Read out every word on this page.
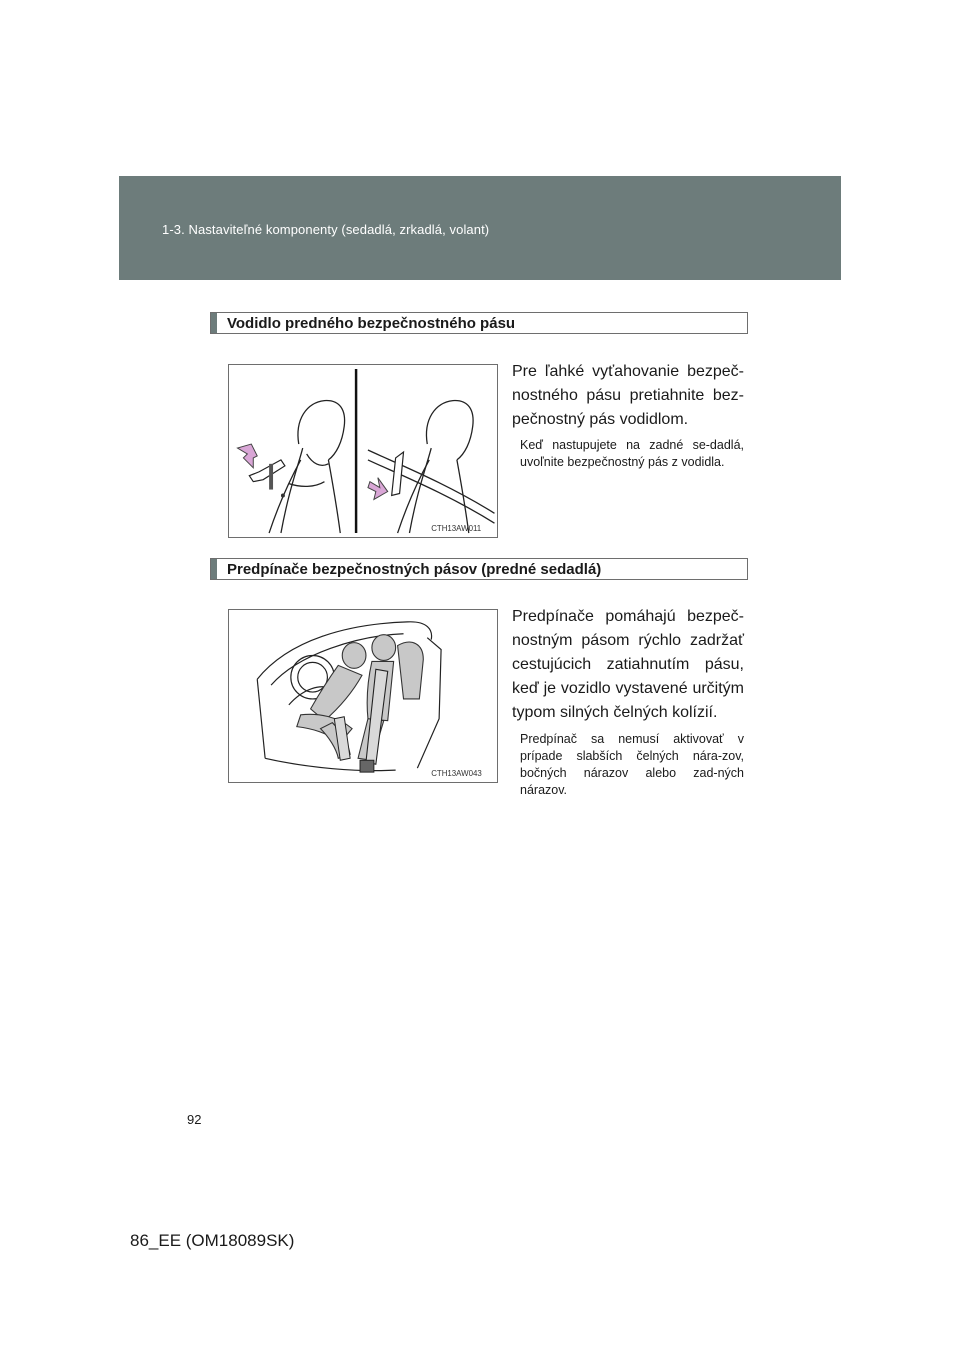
1-3. Nastaviteľné komponenty (sedadlá, zrkadlá, volant)
Vodidlo predného bezpečnostného pásu
CTH13AW011
Pre ľahké vyťahovanie bezpeč-nostného pásu pretiahnite bez-pečnostný pás vodidlom.
Keď nastupujete na zadné se-dadlá, uvoľnite bezpečnostný pás z vodidla.
Predpínače bezpečnostných pásov (predné sedadlá)
CTH13AW043
Predpínače pomáhajú bezpeč-nostným pásom rýchlo zadržať cestujúcich zatiahnutím pásu, keď je vozidlo vystavené určitým typom silných čelných kolízií.
Predpínač sa nemusí aktivovať v prípade slabších čelných nára-zov, bočných nárazov alebo zad-ných nárazov.
92
86_EE (OM18089SK)
